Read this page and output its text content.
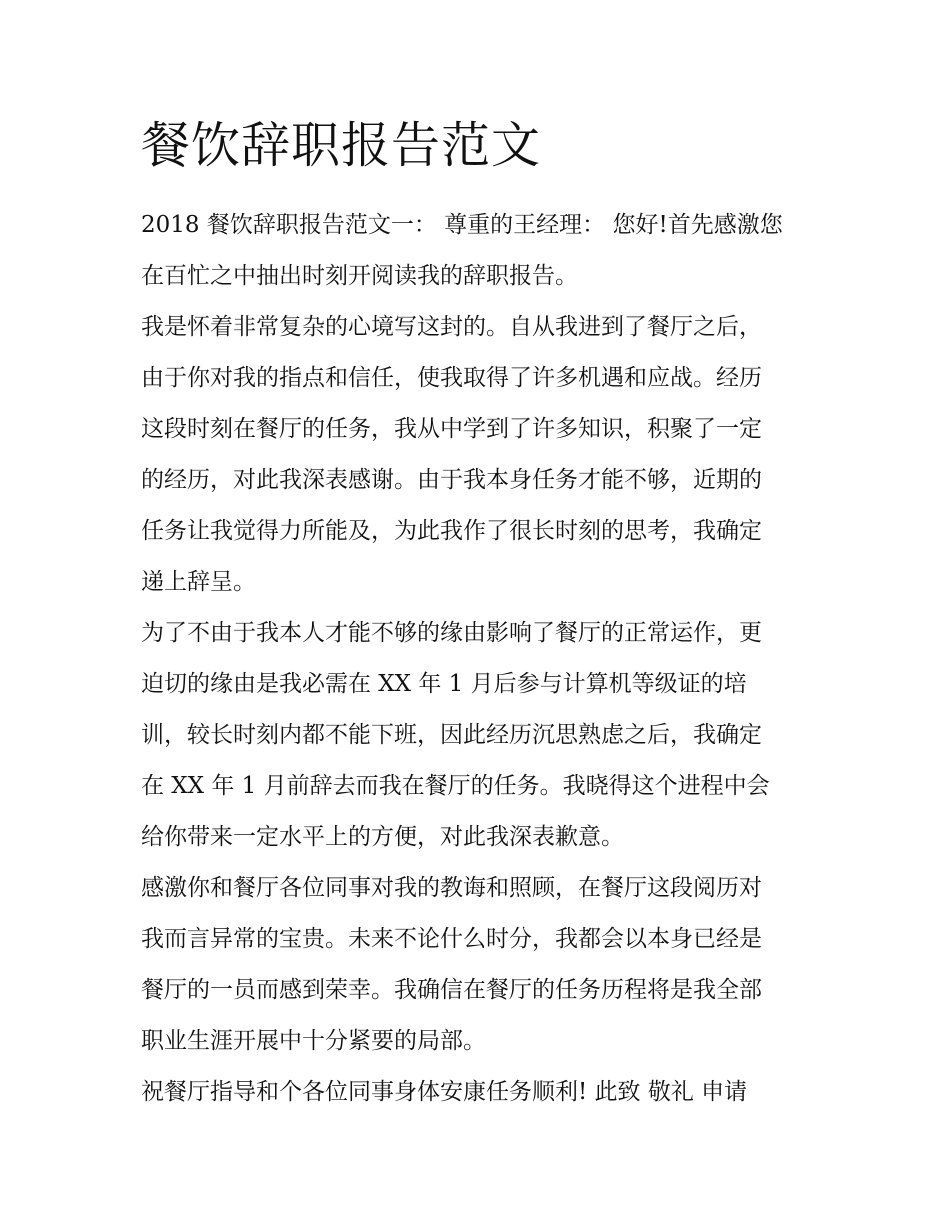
餐饮辞职报告范文

2018 餐饮辞职报告范文一： 尊重的王经理： 您好!首先感激您
在百忙之中抽出时刻开阅读我的辞职报告。

我是怀着非常复杂的心境写这封的。自从我进到了餐厅之后，
由于你对我的指点和信任，使我取得了许多机遇和应战。经历
这段时刻在餐厅的任务，我从中学到了许多知识，积聚了一定
的经历，对此我深表感谢。由于我本身任务才能不够，近期的
任务让我觉得力所能及，为此我作了很长时刻的思考，我确定
递上辞呈。

为了不由于我本人才能不够的缘由影响了餐厅的正常运作，更
迫切的缘由是我必需在 XX 年 1 月后参与计算机等级证的培
训，较长时刻内都不能下班，因此经历沉思熟虑之后，我确定
在 XX 年 1 月前辞去而我在餐厅的任务。我晓得这个进程中会
给你带来一定水平上的方便，对此我深表歉意。

感激你和餐厅各位同事对我的教诲和照顾，在餐厅这段阅历对
我而言异常的宝贵。未来不论什么时分，我都会以本身已经是
餐厅的一员而感到荣幸。我确信在餐厅的任务历程将是我全部
职业生涯开展中十分紧要的局部。

祝餐厅指导和个各位同事身体安康任务顺利! 此致 敬礼 申请
